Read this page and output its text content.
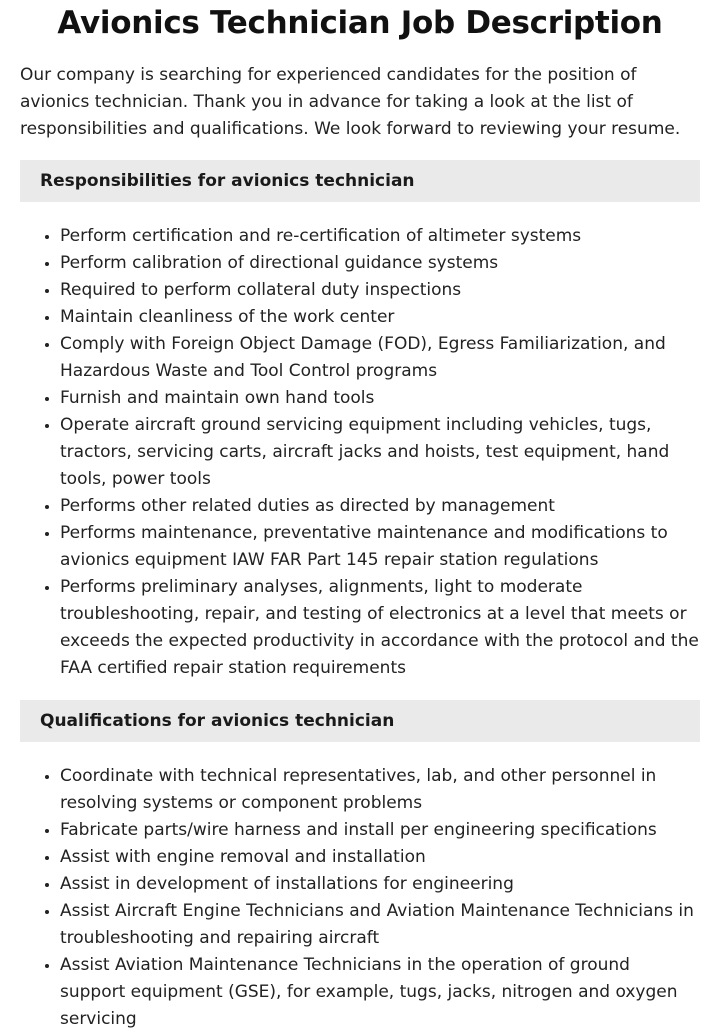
Avionics Technician Job Description

Our company is searching for experienced candidates for the position of avionics technician. Thank you in advance for taking a look at the list of responsibilities and qualifications. We look forward to reviewing your resume.

Responsibilities for avionics technician
• Perform certification and re-certification of altimeter systems
• Perform calibration of directional guidance systems
• Required to perform collateral duty inspections
• Maintain cleanliness of the work center
• Comply with Foreign Object Damage (FOD), Egress Familiarization, and Hazardous Waste and Tool Control programs
• Furnish and maintain own hand tools
• Operate aircraft ground servicing equipment including vehicles, tugs, tractors, servicing carts, aircraft jacks and hoists, test equipment, hand tools, power tools
• Performs other related duties as directed by management
• Performs maintenance, preventative maintenance and modifications to avionics equipment IAW FAR Part 145 repair station regulations
• Performs preliminary analyses, alignments, light to moderate troubleshooting, repair, and testing of electronics at a level that meets or exceeds the expected productivity in accordance with the protocol and the FAA certified repair station requirements
Qualifications for avionics technician
• Coordinate with technical representatives, lab, and other personnel in resolving systems or component problems
• Fabricate parts/wire harness and install per engineering specifications
• Assist with engine removal and installation
• Assist in development of installations for engineering
• Assist Aircraft Engine Technicians and Aviation Maintenance Technicians in troubleshooting and repairing aircraft
• Assist Aviation Maintenance Technicians in the operation of ground support equipment (GSE), for example, tugs, jacks, nitrogen and oxygen servicing
